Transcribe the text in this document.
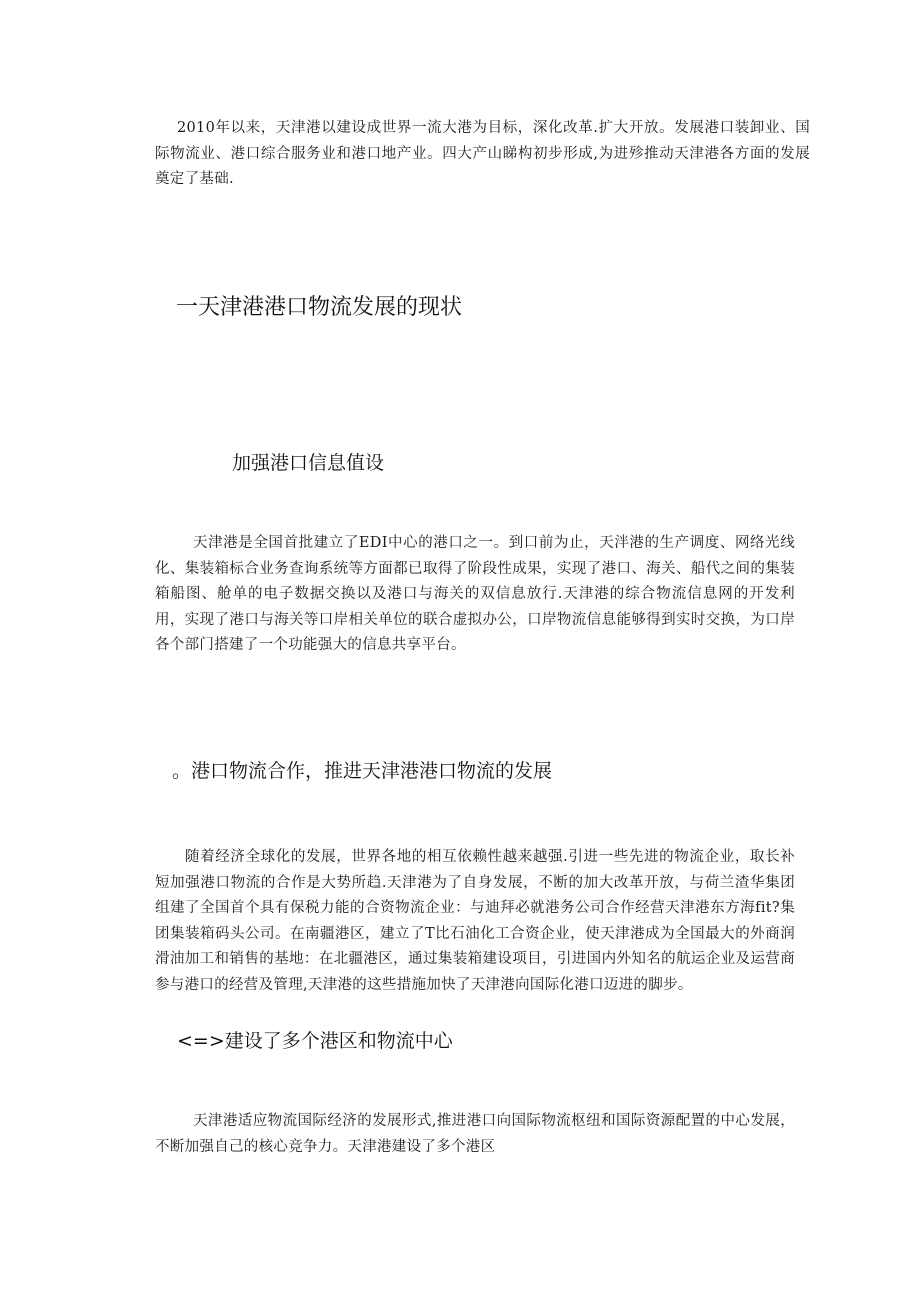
2010年以来，天津港以建设成世界一流大港为目标，深化改革.扩大开放。发展港口装卸业、国际物流业、港口综合服务业和港口地产业。四大产山睇构初步形成,为进殄推动天津港各方面的发展奠定了基础.

一天津港港口物流发展的现状
加强港口信息值设

天津港是全国首批建立了EDI中心的港口之一。到口前为止，天泮港的生产调度、网络光线化、集装箱标合业务查询系统等方面都已取得了阶段性成果，实现了港口、海关、船代之间的集装箱船图、舱单的电子数据交换以及港口与海关的双信息放行.天津港的综合物流信息网的开发利用，实现了港口与海关等口岸相关单位的联合虚拟办公，口岸物流信息能够得到实时交换，为口岸各个部门搭建了一个功能强大的信息共享平台。

。港口物流合作，推进天津港港口物流的发展

随着经济全球化的发展，世界各地的相互依赖性越来越强.引进一些先进的物流企业，取长补短加强港口物流的合作是大势所趋.天津港为了自身发展，不断的加大改革开放，与荷兰渣华集团组建了全国首个具有保税力能的合资物流企业：与迪拜必就港务公司合作经营天津港东方海fit?集团集装箱码头公司。在南疆港区，建立了T比石油化工合资企业，使天津港成为全国最大的外商润滑油加工和销售的基地：在北疆港区，通过集装箱建设项目，引进国内外知名的航运企业及运营商参与港口的经营及管理,天津港的这些措施加快了天津港向国际化港口迈进的脚步。

<=>建设了多个港区和物流中心

天津港适应物流国际经济的发展形式,推进港口向国际物流枢纽和国际资源配置的中心发展，不断加强自己的核心竞争力。天津港建设了多个港区
